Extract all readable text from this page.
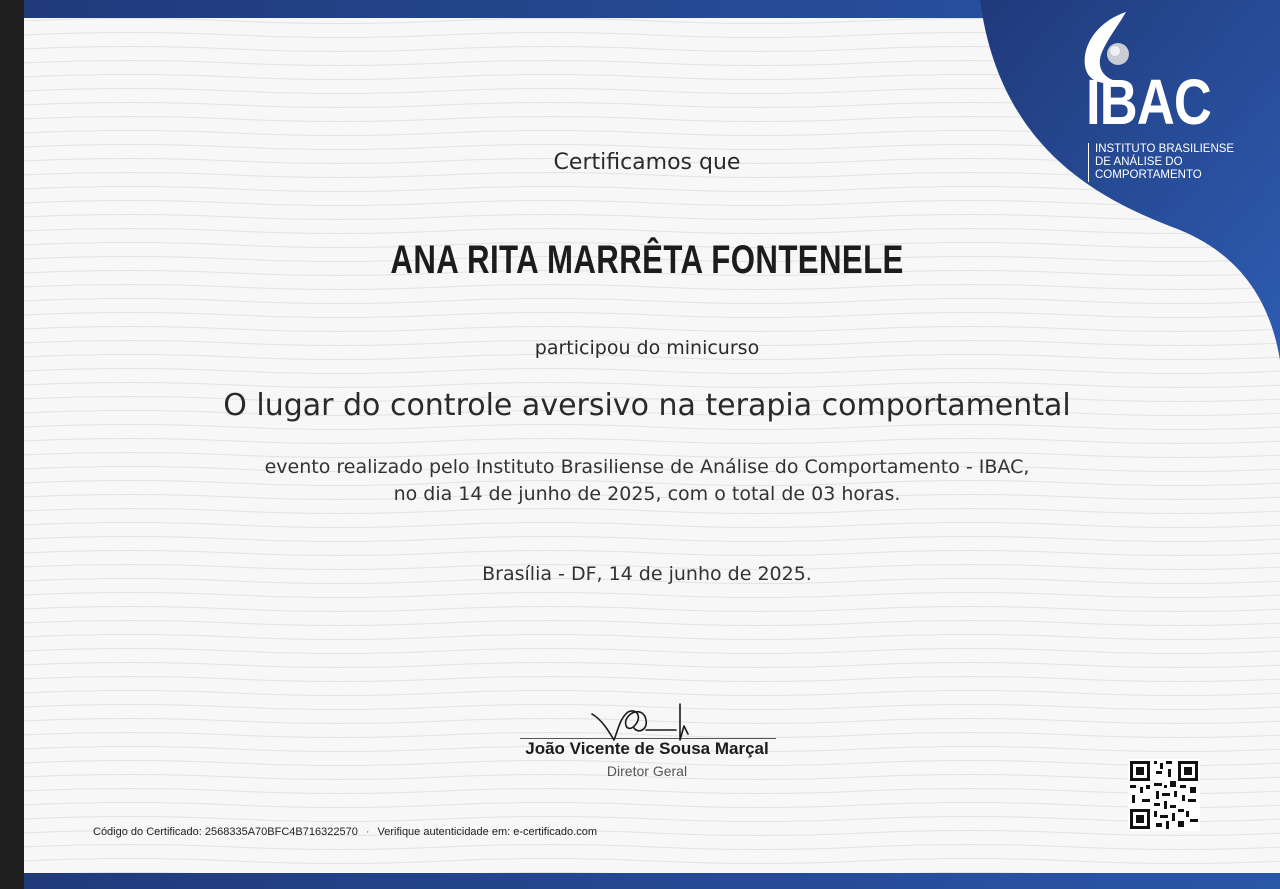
IBAC
INSTITUTO BRASILIENSE
DE ANÁLISE DO
COMPORTAMENTO
Certificamos que
ANA RITA MARRÊTA FONTENELE
participou do minicurso
O lugar do controle aversivo na terapia comportamental
evento realizado pelo Instituto Brasiliense de Análise do Comportamento - IBAC,
no dia 14 de junho de 2025, com o total de 03 horas.
Brasília - DF, 14 de junho de 2025.
João Vicente de Sousa Marçal
Diretor Geral
Código do Certificado: 2568335A70BFC4B716322570 · Verifique autenticidade em: e-certificado.com
